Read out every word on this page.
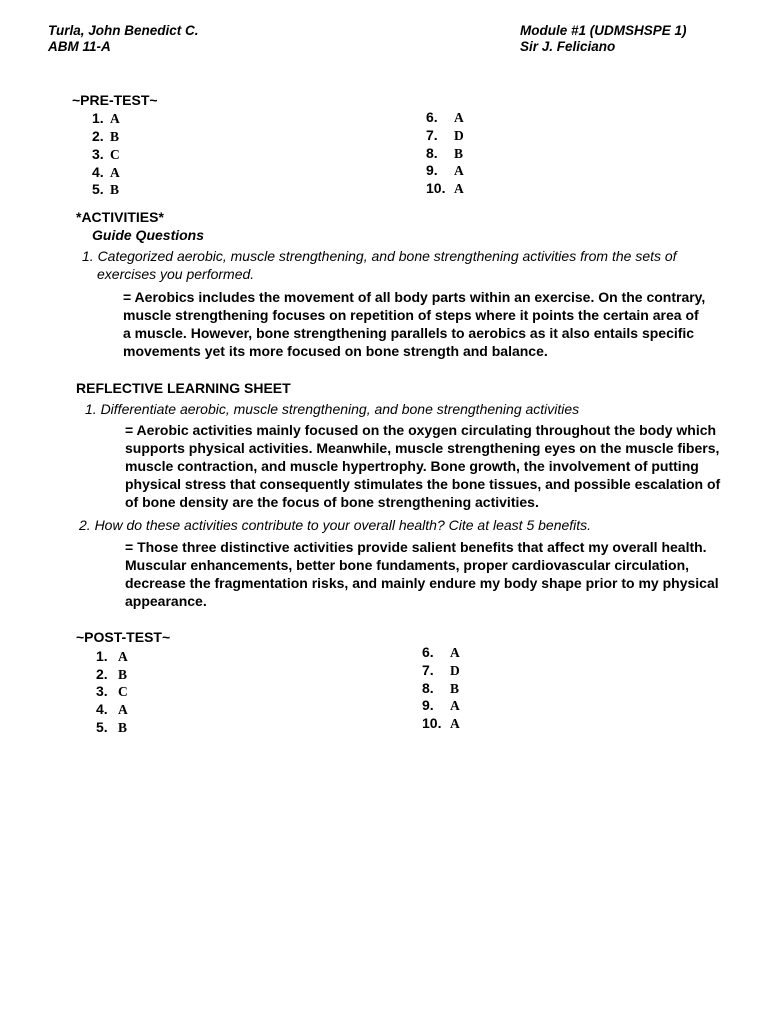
Turla, John Benedict C.
ABM 11-A
Module #1 (UDMSHSPE 1)
Sir J. Feliciano
~PRE-TEST~
1. A
2. B
3. C
4. A
5. B
6. A
7. D
8. B
9. A
10. A
*ACTIVITIES*
Guide Questions
1. Categorized aerobic, muscle strengthening, and bone strengthening activities from the sets of
exercises you performed.
= Aerobics includes the movement of all body parts within an exercise. On the contrary,
muscle strengthening focuses on repetition of steps where it points the certain area of
a muscle. However, bone strengthening parallels to aerobics as it also entails specific
movements yet its more focused on bone strength and balance.
REFLECTIVE LEARNING SHEET
1. Differentiate aerobic, muscle strengthening, and bone strengthening activities
= Aerobic activities mainly focused on the oxygen circulating throughout the body which
supports physical activities. Meanwhile, muscle strengthening eyes on the muscle fibers,
muscle contraction, and muscle hypertrophy. Bone growth, the involvement of putting
physical stress that consequently stimulates the bone tissues, and possible escalation of
of bone density are the focus of bone strengthening activities.
2. How do these activities contribute to your overall health? Cite at least 5 benefits.
= Those three distinctive activities provide salient benefits that affect my overall health.
Muscular enhancements, better bone fundaments, proper cardiovascular circulation,
decrease the fragmentation risks, and mainly endure my body shape prior to my physical
appearance.
~POST-TEST~
1. A
2. B
3. C
4. A
5. B
6. A
7. D
8. B
9. A
10. A
